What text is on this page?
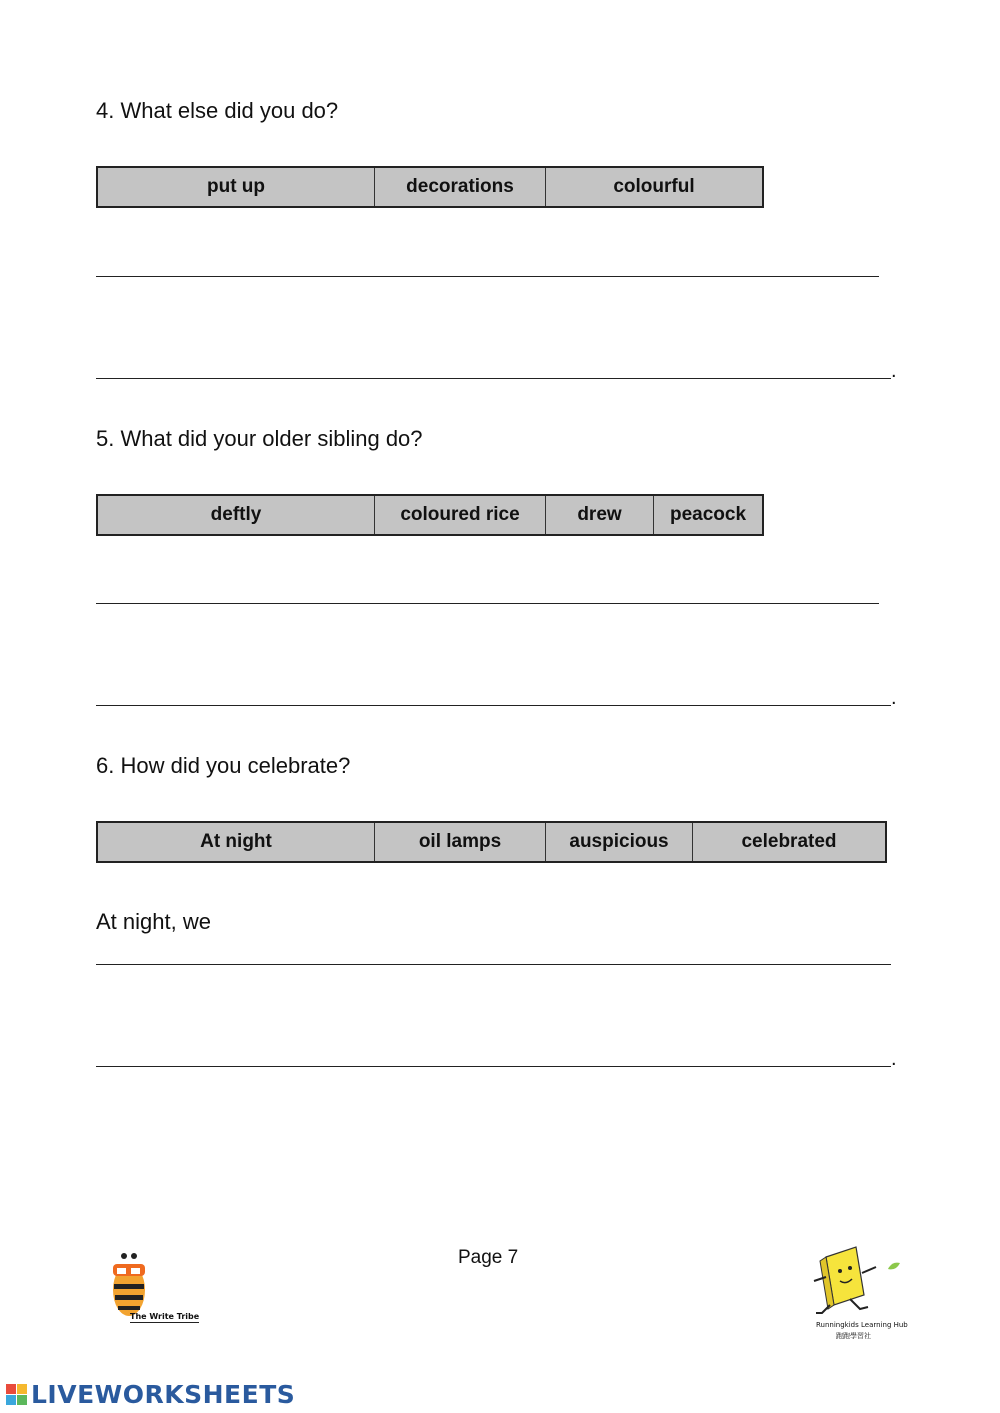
4. What else did you do?
put up	decorations	colourful
.
5. What did your older sibling do?
deftly	coloured rice	drew	peacock
.
6. How did you celebrate?
At night	oil lamps	auspicious	celebrated
At night, we
.
Page 7
The Write Tribe
Runningkids Learning Hub
跑跑學習社
LIVEWORKSHEETS
